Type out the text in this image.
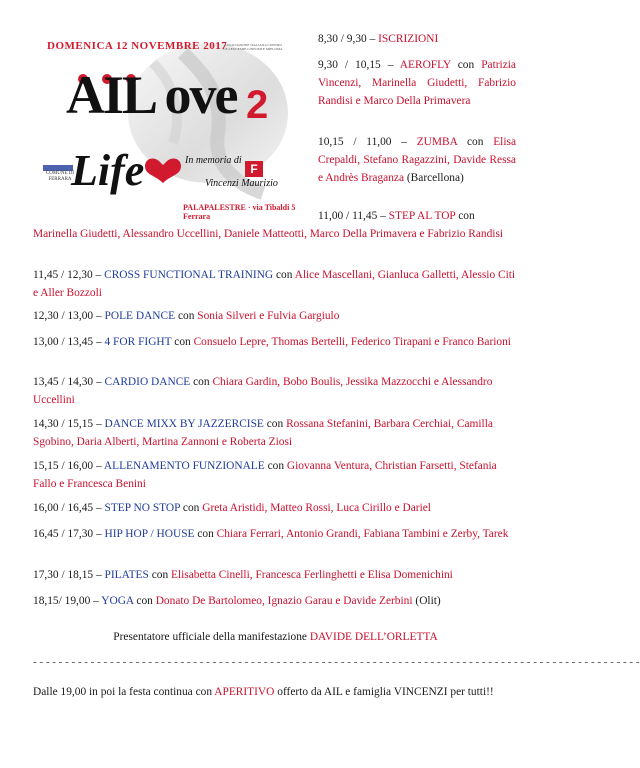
F
DOMENICA 12 NOVEMBRE 2017
ASSOCIAZIONE ITALIANA CONTRO LE LEUCEMIE-LINFOMI E MIELOMA
AIL ove 2
Life	In memoria di
Vincenzi Maurizio
PALAPALESTRE · via Tibaldi 5 Ferrara
COMUNE DI FERRARA
8,30 / 9,30 – ISCRIZIONI
9,30 / 10,15 – AEROFLY con Patrizia Vincenzi, Marinella Giudetti, Fabrizio Randisi e Marco Della Primavera
10,15 / 11,00 – ZUMBA con Elisa Crepaldi, Stefano Ragazzini, Davide Ressa e Andrès Braganza (Barcellona)
11,00 / 11,45 – STEP AL TOP con Marinella Giudetti, Alessandro Uccellini, Daniele Matteotti, Marco Della Primavera e Fabrizio Randisi
11,45 / 12,30 – CROSS FUNCTIONAL TRAINING con Alice Mascellani, Gianluca Galletti, Alessio Citi e Aller Bozzoli
12,30 / 13,00 – POLE DANCE con Sonia Silveri e Fulvia Gargiulo
13,00 / 13,45 – 4 FOR FIGHT con Consuelo Lepre, Thomas Bertelli, Federico Tirapani e Franco Barioni
13,45 / 14,30 – CARDIO DANCE con Chiara Gardin, Bobo Boulis, Jessika Mazzocchi e Alessandro Uccellini
14,30 / 15,15 – DANCE MIXX BY JAZZERCISE con Rossana Stefanini, Barbara Cerchiai, Camilla Sgobino, Daria Alberti, Martina Zannoni e Roberta Ziosi
15,15 / 16,00 – ALLENAMENTO FUNZIONALE con Giovanna Ventura, Christian Farsetti, Stefania Fallo e Francesca Benini
16,00 / 16,45 – STEP NO STOP con Greta Aristidi, Matteo Rossi, Luca Cirillo e Dariel
16,45 / 17,30 – HIP HOP / HOUSE con Chiara Ferrari, Antonio Grandi, Fabiana Tambini e Zerby, Tarek
17,30 / 18,15 – PILATES con Elisabetta Cinelli, Francesca Ferlinghetti e Elisa Domenichini
18,15/ 19,00 – YOGA con Donato De Bartolomeo, Ignazio Garau e Davide Zerbini (Olit)
Presentatore ufficiale della manifestazione DAVIDE DELL’ORLETTA
- - - - - - - - - - - - - - - - - - - - - - - - - - - - - - - - - - - - - - - - - - - - - - - - - - - - - - - - - - - - - - - - - - - - - - - - - - - - - - - - - - - - - - - - - - - - - - -
Dalle 19,00 in poi la festa continua con APERITIVO offerto da AIL e famiglia VINCENZI per tutti!!
